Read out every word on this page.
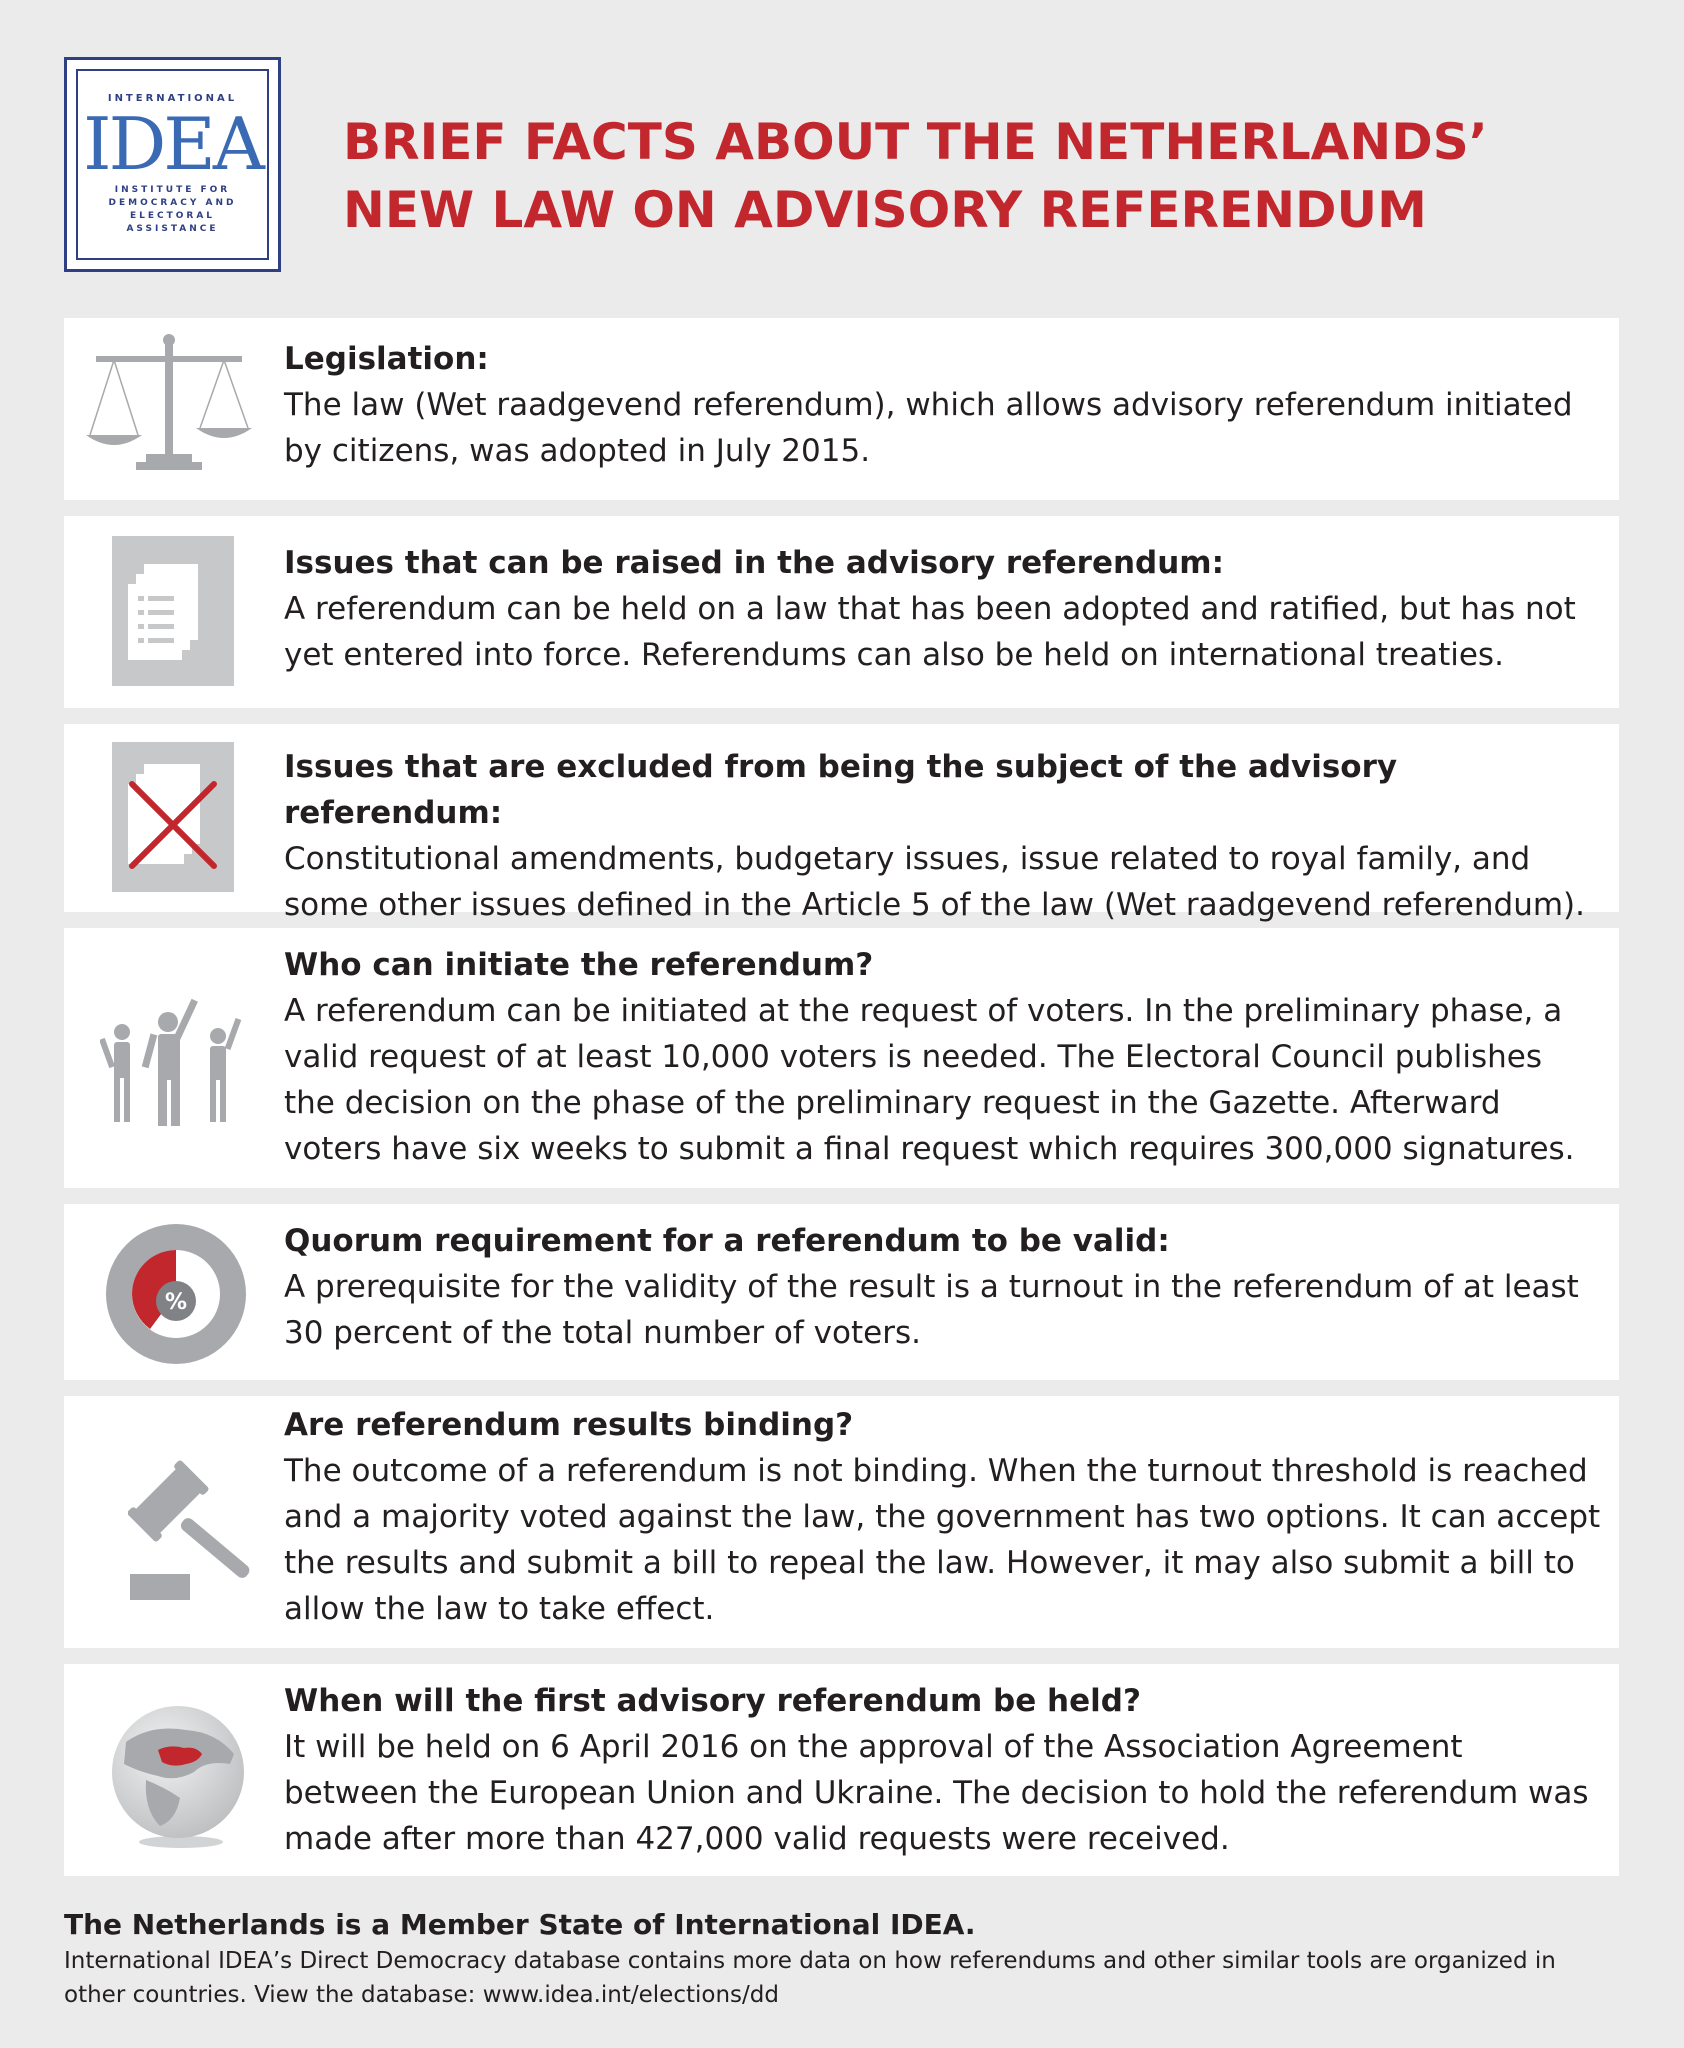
INTERNATIONAL
IDEA
INSTITUTE FOR DEMOCRACY AND ELECTORAL ASSISTANCE
BRIEF FACTS ABOUT THE NETHERLANDS’ NEW LAW ON ADVISORY REFERENDUM
Legislation:
The law (Wet raadgevend referendum), which allows advisory referendum initiated by citizens, was adopted in July 2015.
Issues that can be raised in the advisory referendum:
A referendum can be held on a law that has been adopted and ratified, but has not yet entered into force. Referendums can also be held on international treaties.
Issues that are excluded from being the subject of the advisory referendum:
Constitutional amendments, budgetary issues, issue related to royal family, and some other issues defined in the Article 5 of the law (Wet raadgevend referendum).
Who can initiate the referendum?
A referendum can be initiated at the request of voters. In the preliminary phase, a valid request of at least 10,000 voters is needed. The Electoral Council publishes the decision on the phase of the preliminary request in the Gazette. Afterward voters have six weeks to submit a final request which requires 300,000 signatures.
%
Quorum requirement for a referendum to be valid:
A prerequisite for the validity of the result is a turnout in the referendum of at least 30 percent of the total number of voters.
Are referendum results binding?
The outcome of a referendum is not binding. When the turnout threshold is reached and a majority voted against the law, the government has two options. It can accept the results and submit a bill to repeal the law. However, it may also submit a bill to allow the law to take effect.
When will the first advisory referendum be held?
It will be held on 6 April 2016 on the approval of the Association Agreement between the European Union and Ukraine. The decision to hold the referendum was made after more than 427,000 valid requests were received.
The Netherlands is a Member State of International IDEA.
International IDEA’s Direct Democracy database contains more data on how referendums and other similar tools are organized in other countries. View the database: www.idea.int/elections/dd
